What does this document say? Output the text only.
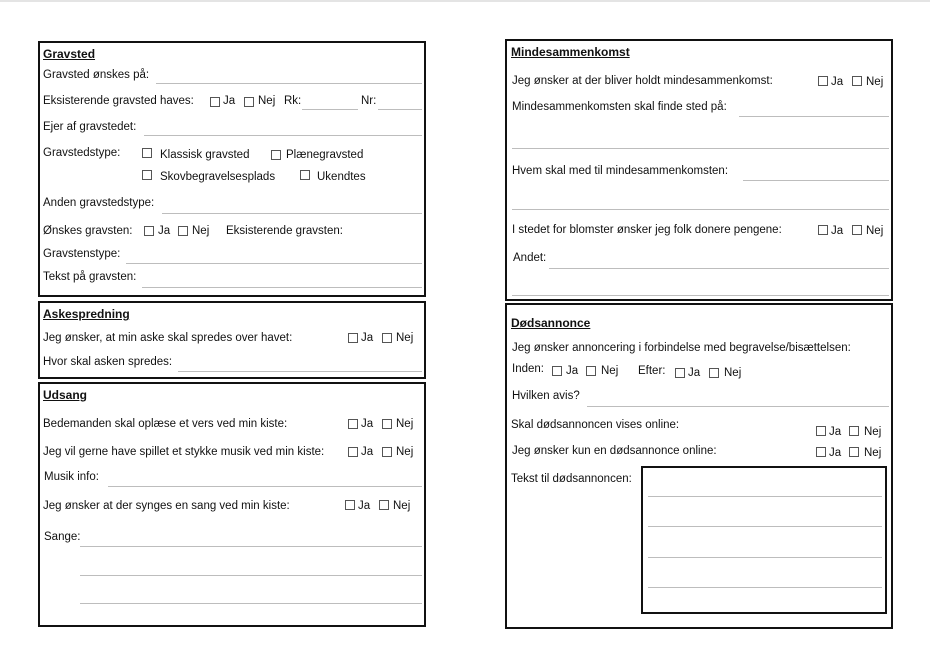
Gravsted
Gravsted ønskes på:
Eksisterende gravsted haves:	Ja Nej Rk:	Nr:
Ejer af gravstedet:
Gravstedstype:	Klassisk gravsted	Plænegravsted
Skovbegravelsesplads	Ukendtes
Anden gravstedstype:
Ønskes gravsten: Ja Nej Eksisterende gravsten:
Gravstenstype:
Tekst på gravsten:
Askespredning
Jeg ønsker, at min aske skal spredes over havet:	Ja Nej
Hvor skal asken spredes:
Udsang
Bedemanden skal oplæse et vers ved min kiste:	Ja Nej
Jeg vil gerne have spillet et stykke musik ved min kiste:	Ja Nej
Musik info:
Jeg ønsker at der synges en sang ved min kiste:	Ja Nej
Sange:
Mindesammenkomst
Jeg ønsker at der bliver holdt mindesammenkomst:	Ja Nej
Mindesammenkomsten skal finde sted på:
Hvem skal med til mindesammenkomsten:
I stedet for blomster ønsker jeg folk donere pengene:	Ja Nej
Andet:
Dødsannonce
Jeg ønsker annoncering i forbindelse med begravelse/bisættelsen:
Inden: Ja Nej Efter: Ja Nej
Hvilken avis?
Skal dødsannoncen vises online:
Ja Nej
Jeg ønsker kun en dødsannonce online:	Ja Nej
Tekst til dødsannoncen:
